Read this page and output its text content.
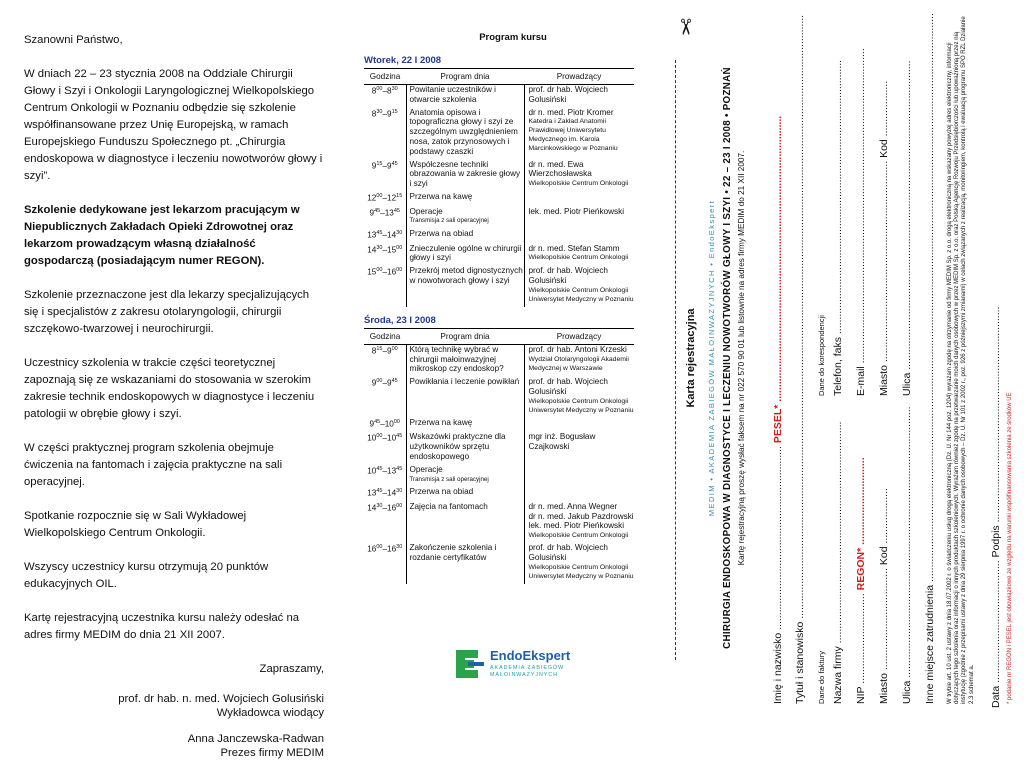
Szanowni Państwo,

W dniach 22 – 23 stycznia 2008 na Oddziale Chirurgii Głowy i Szyi i Onkologii Laryngologicznej Wielkopolskiego Centrum Onkologii w Poznaniu odbędzie się szkolenie współfinansowane przez Unię Europejską, w ramach Europejskiego Funduszu Społecznego pt. „Chirurgia endoskopowa w diagnostyce i leczeniu nowotworów głowy i szyi”.

Szkolenie dedykowane jest lekarzom pracującym w Niepublicznych Zakładach Opieki Zdrowotnej oraz lekarzom prowadzącym własną działalność gospodarczą (posiadającym numer REGON).

Szkolenie przeznaczone jest dla lekarzy specjalizujących się i specjalistów z zakresu otolaryngologii, chirurgii szczękowo-twarzowej i neurochirurgii.

Uczestnicy szkolenia w trakcie części teoretycznej zapoznają się ze wskazaniami do stosowania w szerokim zakresie technik endoskopowych w diagnostyce i leczeniu patologii w obrębie głowy i szyi.

W części praktycznej program szkolenia obejmuje ćwiczenia na fantomach i zajęcia praktyczne na sali operacyjnej.

Spotkanie rozpocznie się w Sali Wykładowej Wielkopolskiego Centrum Onkologii.

Wszyscy uczestnicy kursu otrzymują 20 punktów edukacyjnych OIL.

Kartę rejestracyjną uczestnika kursu należy odesłać na adres firmy MEDIM do dnia 21 XII 2007.

Zapraszamy,

prof. dr hab. n. med. Wojciech Golusiński
Wykładowca wiodący
Anna Janczewska-Radwan
Prezes firmy MEDIM
Program kursu
Wtorek, 22 I 2008
Godzina	Program dnia	Prowadzący
$8^{00}-8^{30}$	Powitanie uczestników i otwarcie szkolenia	prof. dr hab. Wojciech Golusiński

$8^{30}-9^{15}$	Anatomia opisowa i topograficzna głowy i szyi ze szczególnym uwzględnieniem nosa, zatok przynosowych i podstawy czaszki	dr n. med. Piotr Kromer
Katedra i Zakład Anatomii Prawidłowej Uniwersytetu Medycznego im. Karola Marcinkowskiego w Poznaniu

$9^{15}-9^{45}$	Współczesne techniki obrazowania w zakresie głowy i szyi	dr n. med. Ewa Wierzchosławska
Wielkopolskie Centrum Onkologii

$12^{00}-12^{15}$	Przerwa na kawę	

$9^{45}-13^{45}$	Operacje
Transmisja z sali operacyjnej	lek. med. Piotr Pieńkowski

$13^{45}-14^{30}$	Przerwa na obiad	

$14^{30}-15^{00}$	Znieczulenie ogólne w chirurgii głowy i szyi	dr n. med. Stefan Stamm
Wielkopolskie Centrum Onkologii

$15^{00}-16^{00}$	Przekrój metod dignostycznych w nowotworach głowy i szyi	prof. dr hab. Wojciech Golusiński
Wielkopolskie Centrum Onkologii Uniwersytet Medyczny w Poznaniu
Środa, 23 I 2008
Godzina	Program dnia	Prowadzący
$8^{15}-9^{00}$	Którą technikę wybrać w chirurgii małoinwazyjnej mikroskop czy endoskop?	prof. dr hab. Antoni Krzeski
Wydział Otolaryngologii Akademii Medycznej w Warszawie

$9^{00}-9^{45}$	Powikłania i leczenie powikłań	prof. dr hab. Wojciech Golusiński
Wielkopolskie Centrum Onkologii Uniwersytet Medyczny w Poznaniu

$9^{45}-10^{00}$	Przerwa na kawę	

$10^{00}-10^{45}$	Wskazówki praktyczne dla użytkowników sprzętu endoskopowego	mgr inż. Bogusław Czajkowski

$10^{45}-13^{45}$	Operacje
Transmisja z sali operacyjnej	

$13^{45}-14^{30}$	Przerwa na obiad	

$14^{30}-16^{00}$	Zajęcia na fantomach	dr n. med. Anna Wegner
dr n. med. Jakub Pazdrowski
lek. med. Piotr Pieńkowski
Wielkopolskie Centrum Onkologii

$16^{00}-16^{30}$	Zakończenie szkolenia i rozdanie certyfikatów	prof. dr hab. Wojciech Golusiński
Wielkopolskie Centrum Onkologii Uniwersytet Medyczny w Poznaniu
EndoEkspert
AKADEMIA ZABIEGÓW MAŁOINWAZYJNYCH
✂
Karta rejestracyjna MEDIM • AKADEMIA ZABIEGÓW MAŁOINWAZYJNYCH • EndoEkspert CHIRURGIA ENDOSKOPOWA W DIAGNOSTYCE I LECZENIU NOWOTWORÓW GŁOWY I SZYI • 22 – 23 I 2008 • POZNAŃ Kartę rejestracyjną proszę wysłać faksem na nr 022 570 90 01 lub listownie na adres firmy MEDIM do 21 XII 2007.
Imię i nazwisko ............................................................... PESEL* ..................................................................................................
Tytuł i stanowisko ...............................................................................................................................................................................................................
Dane do faktury
Dane do korespondencji
Nazwa firmy ............................................................................
Telefon, faks ..............................................................................................
NIP ............................... REGON* ..............................
E-mail ............................................................................................................
Miasto ................................... Kod ...................
Miasto ..................................................................... Kod ...................
Ulica .............................................................................................
Ulica ..........................................................................................................
Inne miejsce zatrudnienia ................................................................................................................................................................................................... W trybie art. 10 ust. 2 ustawy z dnia 18.07.2002 r. o świadczeniu usług drogą elektroniczną (Dz. U. Nr 144 poz. 1204) wyrażam zgodę na otrzymanie od firmy MEDIM Sp. z o.o. drogą elektroniczną na wskazany powyżej adres elektroniczny, informacji dotyczących tego szkolenia oraz informacji o innych produktach szkoleniowych. Wyrażam również zgodę na przetwarzanie moich danych osobowych w przez MEDIM Sp. z o.o. oraz Polską Agencję Rozwoju Przedsiębiorczości lub upoważnioną przez nią instytucję (zgodnie z przepisami ustawy z dnia 29 sierpnia 1997 r. o ochronie danych osobowych – Dz. U. Nr 101 z 2002 r., poz. 926 z późniejszymi zmianami) w celach związanych z realizacją, monitoringiem, kontrolą i ewaluacją programu SPO RZL Działanie 2.3 schemat a.	* podanie nr REGON i PESEL jest obowiązkowe ze względu na warunki współfinansowania szkolenia ze środków UE
Data .......................................... Podpis ..........................................................................
